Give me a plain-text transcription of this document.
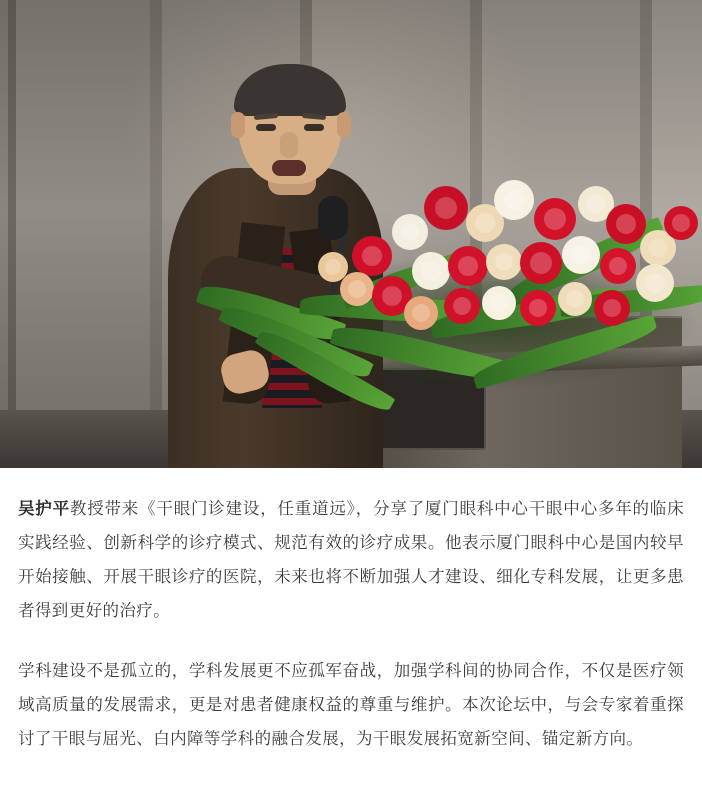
吴护平教授带来《干眼门诊建设，任重道远》，分享了厦门眼科中心干眼中心多年的临床实践经验、创新科学的诊疗模式、规范有效的诊疗成果。他表示厦门眼科中心是国内较早开始接触、开展干眼诊疗的医院，未来也将不断加强人才建设、细化专科发展，让更多患者得到更好的治疗。

学科建设不是孤立的，学科发展更不应孤军奋战，加强学科间的协同合作，不仅是医疗领域高质量的发展需求，更是对患者健康权益的尊重与维护。本次论坛中，与会专家着重探讨了干眼与屈光、白内障等学科的融合发展，为干眼发展拓宽新空间、锚定新方向。
